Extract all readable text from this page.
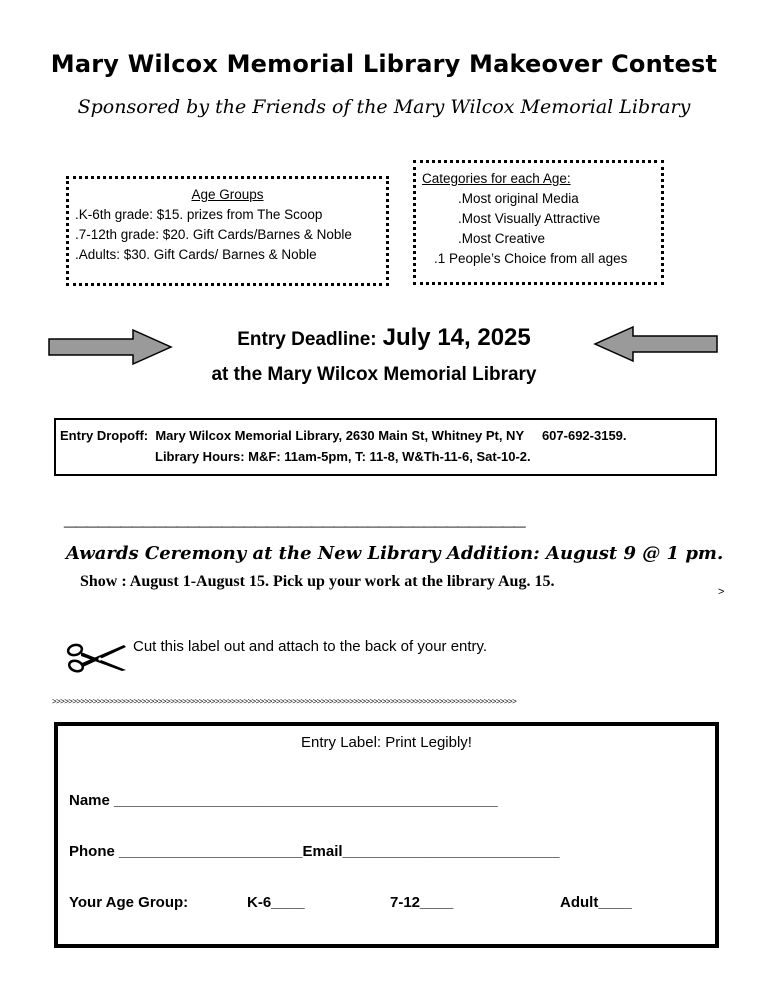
Mary Wilcox Memorial Library Makeover Contest
Sponsored by the Friends of the Mary Wilcox Memorial Library
Age Groups
.K-6th grade: $15. prizes from The Scoop
.7-12th grade: $20. Gift Cards/Barnes & Noble
.Adults: $30. Gift Cards/ Barnes & Noble
Categories for each Age:
.Most original Media
.Most Visually Attractive
.Most Creative
.1 People’s Choice from all ages
Entry Deadline: July 14, 2025
at the Mary Wilcox Memorial Library
Entry Dropoff:  Mary Wilcox Memorial Library, 2630 Main St, Whitney Pt, NY     607-692-3159.
Library Hours: M&F: 11am-5pm, T: 11-8, W&Th-11-6, Sat-10-2.
_________________________________________
Awards Ceremony at the New Library Addition: August 9 @ 1 pm.
Show : August 1-August 15. Pick up your work at the library Aug. 15.
>
Cut this label out and attach to the back of your entry.
>>>>>>>>>>>>>>>>>>>>>>>>>>>>>>>>>>>>>>>>>>>>>>>>>>>>>>>>>>>>>>>>>>>>>>>>>>>>>>>>>>>>>>>>>>>>>>>>>>>>>>>>>>>>>>>>>>
Entry Label: Print Legibly!
Name ______________________________________________
Phone ______________________Email__________________________
Your Age Group:	K-6____	7-12____	Adult____
